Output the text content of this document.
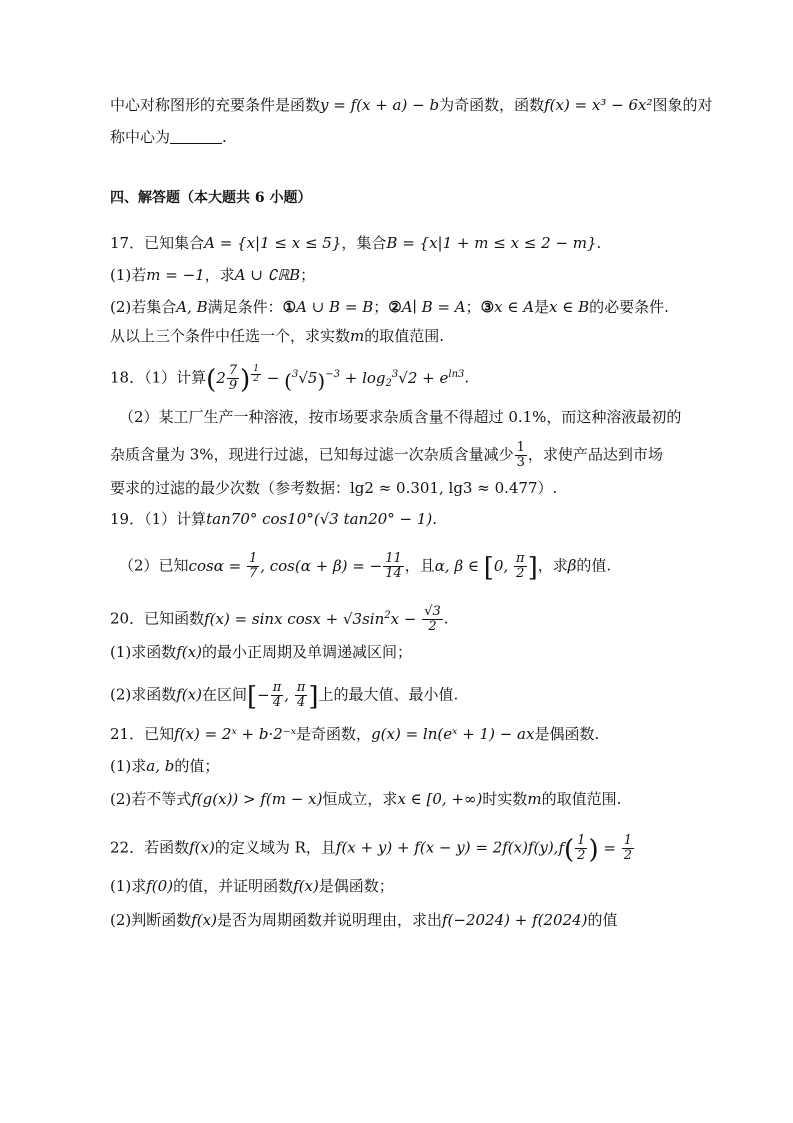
中心对称图形的充要条件是函数y = f(x + a) − b为奇函数，函数f(x) = x³ − 6x²图象的对
称中心为	.
四、解答题（本大题共 6 小题）
17．已知集合A = {x|1 ≤ x ≤ 5}，集合B = {x|1 + m ≤ x ≤ 2 − m}.
(1)若m = −1，求A ∪ ∁ℝB；
(2)若集合A, B满足条件：①A ∪ B = B；②A∣ B = A；③x ∈ A是x ∈ B的必要条件.
从以上三个条件中任选一个，求实数m的取值范围.
18．（1）计算($2 \frac{7}{9}$ ) $^{\frac{1}{2}} - (^3√5)^{-3} + \log_2^3√2 + e^{ln3}$.
（2）某工厂生产一种溶液，按市场要求杂质含量不得超过 0.1%，而这种溶液最初的
杂质含量为 3%，现进行过滤，已知每过滤一次杂质含量减少 $\frac{1}{3}$ ，求使产品达到市场
要求的过滤的最少次数（参考数据：lg2 ≈ 0.301, lg3 ≈ 0.477）.
19．（1）计算tan70° cos10°(√3 tan20° − 1).
（2）已知$\cos\alpha = \frac{1}{7}$ , cos(α + β) = − $\frac{11}{14}$ ，且α, β ∈ [0, $\frac{\pi}{2}$ ]，求β的值.
20．已知函数f(x) = sinx $\cos x + √3\sin^2x - \frac{√3}{2}$ .
(1)求函数f(x)的最小正周期及单调递减区间；
(2)求函数f(x)在区间[− $\frac{\pi}{4}$ , $\frac{\pi}{4}$ ]上的最大值、最小值.
21．已知f(x) = 2ˣ + b·2⁻ˣ是奇函数，g(x) = ln(eˣ + 1) − ax是偶函数.
(1)求a, b的值；
(2)若不等式f(g(x)) > f(m − x)恒成立，求x ∈ [0, +∞)时实数m的取值范围.
22．若函数f(x)的定义域为 R，且$f(x + y) + f(x - y) = 2f(x)f(y),f( \frac{1}{2}$ ) = $\frac{1}{2}$
(1)求f(0)的值，并证明函数f(x)是偶函数；
(2)判断函数f(x)是否为周期函数并说明理由，求出f(−2024) + f(2024)的值
